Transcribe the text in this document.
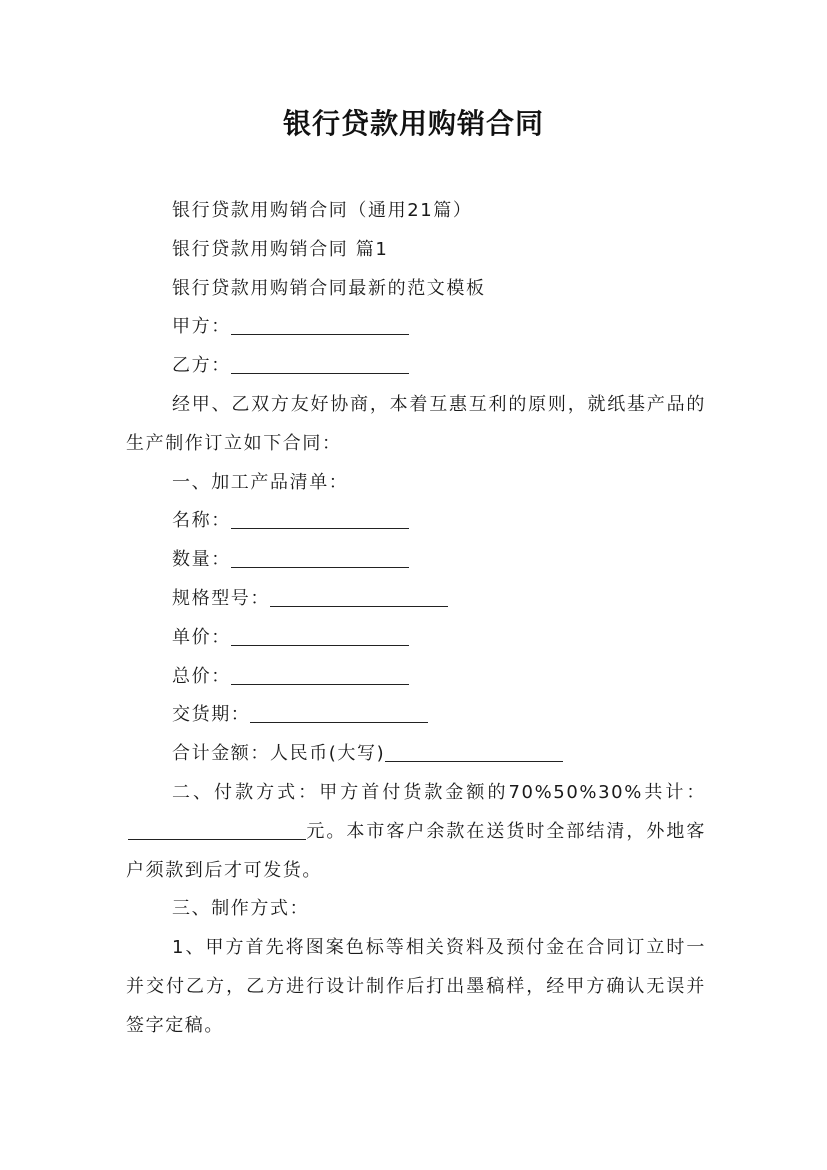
银行贷款用购销合同

银行贷款用购销合同（通用21篇）

银行贷款用购销合同 篇1

银行贷款用购销合同最新的范文模板

甲方：

乙方：

经甲、乙双方友好协商，本着互惠互利的原则，就纸基产品的生产制作订立如下合同：

一、加工产品清单：

名称：

数量：

规格型号：

单价：

总价：

交货期：

合计金额：人民币(大写)

二、付款方式：甲方首付货款金额的70%50%30%共计：元。本市客户余款在送货时全部结清，外地客户须款到后才可发货。

三、制作方式：

1、甲方首先将图案色标等相关资料及预付金在合同订立时一并交付乙方，乙方进行设计制作后打出墨稿样，经甲方确认无误并签字定稿。
